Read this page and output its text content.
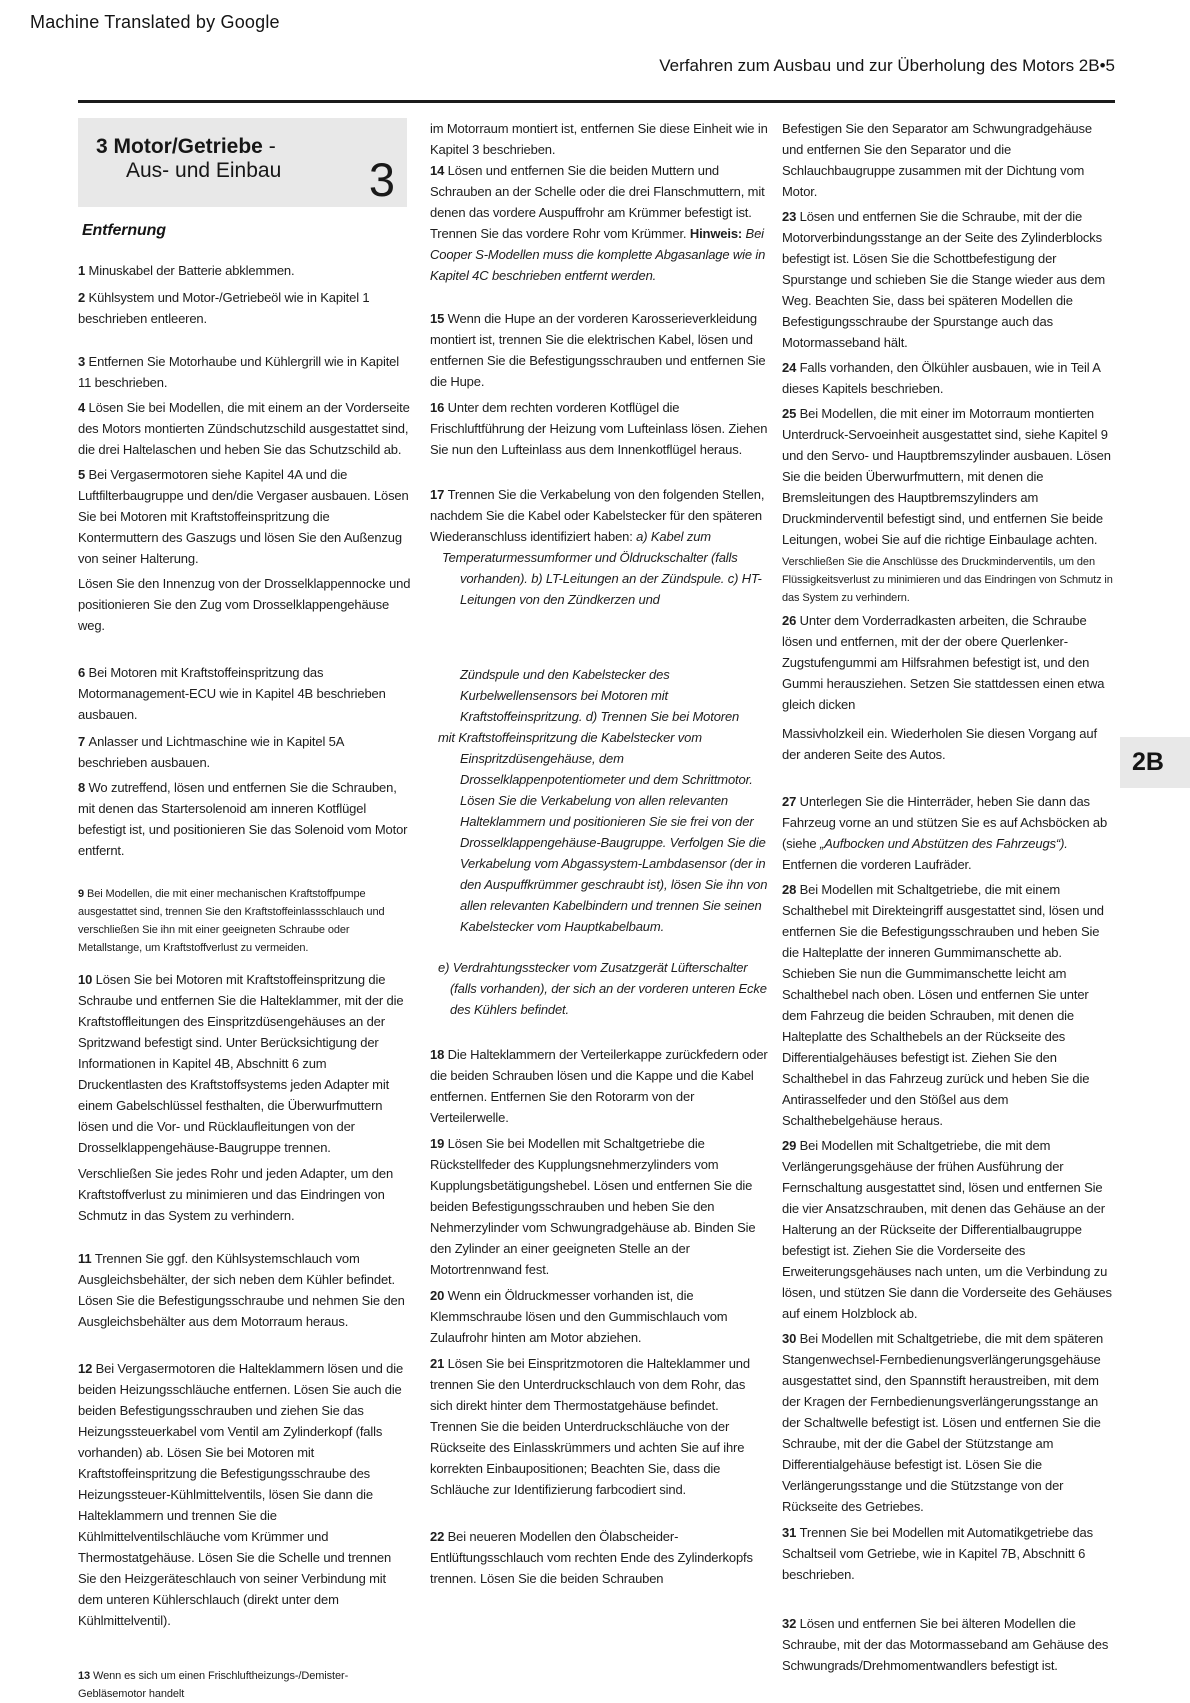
Machine Translated by Google
Verfahren zum Ausbau und zur Überholung des Motors 2B•5
3 Motor/Getriebe -
Aus- und Einbau 3
2B
Entfernung
1 Minuskabel der Batterie abklemmen.
2 Kühlsystem und Motor-/Getriebeöl wie in Kapitel 1 beschrieben entleeren.
3 Entfernen Sie Motorhaube und Kühlergrill wie in Kapitel 11 beschrieben.
4 Lösen Sie bei Modellen, die mit einem an der Vorderseite des Motors montierten Zündschutzschild ausgestattet sind, die drei Haltelaschen und heben Sie das Schutzschild ab.
5 Bei Vergasermotoren siehe Kapitel 4A und die Luftfilterbaugruppe und den/die Vergaser ausbauen. Lösen Sie bei Motoren mit Kraftstoffeinspritzung die Kontermuttern des Gaszugs und lösen Sie den Außenzug von seiner Halterung.
Lösen Sie den Innenzug von der Drosselklappennocke und positionieren Sie den Zug vom Drosselklappengehäuse weg.
6 Bei Motoren mit Kraftstoffeinspritzung das Motormanagement-ECU wie in Kapitel 4B beschrieben ausbauen.
7 Anlasser und Lichtmaschine wie in Kapitel 5A beschrieben ausbauen.
8 Wo zutreffend, lösen und entfernen Sie die Schrauben, mit denen das Startersolenoid am inneren Kotflügel befestigt ist, und positionieren Sie das Solenoid vom Motor entfernt.
9 Bei Modellen, die mit einer mechanischen Kraftstoffpumpe ausgestattet sind, trennen Sie den Kraftstoffeinlassschlauch und verschließen Sie ihn mit einer geeigneten Schraube oder Metallstange, um Kraftstoffverlust zu vermeiden.
10 Lösen Sie bei Motoren mit Kraftstoffeinspritzung die Schraube und entfernen Sie die Halteklammer, mit der die Kraftstoffleitungen des Einspritzdüsengehäuses an der Spritzwand befestigt sind. Unter Berücksichtigung der Informationen in Kapitel 4B, Abschnitt 6 zum Druckentlasten des Kraftstoffsystems jeden Adapter mit einem Gabelschlüssel festhalten, die Überwurfmuttern lösen und die Vor- und Rücklaufleitungen von der Drosselklappengehäuse-Baugruppe trennen.
Verschließen Sie jedes Rohr und jeden Adapter, um den Kraftstoffverlust zu minimieren und das Eindringen von Schmutz in das System zu verhindern.
11 Trennen Sie ggf. den Kühlsystemschlauch vom Ausgleichsbehälter, der sich neben dem Kühler befindet. Lösen Sie die Befestigungsschraube und nehmen Sie den Ausgleichsbehälter aus dem Motorraum heraus.
12 Bei Vergasermotoren die Halteklammern lösen und die beiden Heizungsschläuche entfernen. Lösen Sie auch die beiden Befestigungsschrauben und ziehen Sie das Heizungssteuerkabel vom Ventil am Zylinderkopf (falls vorhanden) ab. Lösen Sie bei Motoren mit Kraftstoffeinspritzung die Befestigungsschraube des Heizungssteuer-Kühlmittelventils, lösen Sie dann die Halteklammern und trennen Sie die Kühlmittelventilschläuche vom Krümmer und Thermostatgehäuse. Lösen Sie die Schelle und trennen Sie den Heizgeräteschlauch von seiner Verbindung mit dem unteren Kühlerschlauch (direkt unter dem Kühlmittelventil).
13 Wenn es sich um einen Frischluftheizungs-/Demister-Gebläsemotor handelt
im Motorraum montiert ist, entfernen Sie diese Einheit wie in Kapitel 3 beschrieben.
14 Lösen und entfernen Sie die beiden Muttern und Schrauben an der Schelle oder die drei Flanschmuttern, mit denen das vordere Auspuffrohr am Krümmer befestigt ist. Trennen Sie das vordere Rohr vom Krümmer. Hinweis: Bei Cooper S-Modellen muss die komplette Abgasanlage wie in Kapitel 4C beschrieben entfernt werden.
15 Wenn die Hupe an der vorderen Karosserieverkleidung montiert ist, trennen Sie die elektrischen Kabel, lösen und entfernen Sie die Befestigungsschrauben und entfernen Sie die Hupe.
16 Unter dem rechten vorderen Kotflügel die Frischluftführung der Heizung vom Lufteinlass lösen. Ziehen Sie nun den Lufteinlass aus dem Innenkotflügel heraus.
17 Trennen Sie die Verkabelung von den folgenden Stellen, nachdem Sie die Kabel oder Kabelstecker für den späteren Wiederanschluss identifiziert haben: a) Kabel zum
Temperaturmessumformer und Öldruckschalter (falls
vorhanden). b) LT-Leitungen an der Zündspule. c) HT-
Leitungen von den Zündkerzen und
Zündspule und den Kabelstecker des Kurbelwellensensors bei Motoren mit Kraftstoffeinspritzung. d) Trennen Sie bei Motoren
mit Kraftstoffeinspritzung die Kabelstecker vom Einspritzdüsengehäuse, dem Drosselklappenpotentiometer und dem Schrittmotor. Lösen Sie die Verkabelung von allen relevanten Halteklammern und positionieren Sie sie frei von der Drosselklappengehäuse-Baugruppe. Verfolgen Sie die Verkabelung vom Abgassystem-Lambdasensor (der in den Auspuffkrümmer geschraubt ist), lösen Sie ihn von allen relevanten Kabelbindern und trennen Sie seinen Kabelstecker vom Hauptkabelbaum.
e) Verdrahtungsstecker vom Zusatzgerät Lüfterschalter (falls vorhanden), der sich an der vorderen unteren Ecke des Kühlers befindet.
18 Die Halteklammern der Verteilerkappe zurückfedern oder die beiden Schrauben lösen und die Kappe und die Kabel entfernen. Entfernen Sie den Rotorarm von der Verteilerwelle.
19 Lösen Sie bei Modellen mit Schaltgetriebe die Rückstellfeder des Kupplungsnehmerzylinders vom Kupplungsbetätigungshebel. Lösen und entfernen Sie die beiden Befestigungsschrauben und heben Sie den Nehmerzylinder vom Schwungradgehäuse ab. Binden Sie den Zylinder an einer geeigneten Stelle an der Motortrennwand fest.
20 Wenn ein Öldruckmesser vorhanden ist, die Klemmschraube lösen und den Gummischlauch vom Zulaufrohr hinten am Motor abziehen.
21 Lösen Sie bei Einspritzmotoren die Halteklammer und trennen Sie den Unterdruckschlauch von dem Rohr, das sich direkt hinter dem Thermostatgehäuse befindet. Trennen Sie die beiden Unterdruckschläuche von der Rückseite des Einlasskrümmers und achten Sie auf ihre korrekten Einbaupositionen; Beachten Sie, dass die Schläuche zur Identifizierung farbcodiert sind.
22 Bei neueren Modellen den Ölabscheider-Entlüftungsschlauch vom rechten Ende des Zylinderkopfs trennen. Lösen Sie die beiden Schrauben
Befestigen Sie den Separator am Schwungradgehäuse und entfernen Sie den Separator und die Schlauchbaugruppe zusammen mit der Dichtung vom Motor.
23 Lösen und entfernen Sie die Schraube, mit der die Motorverbindungsstange an der Seite des Zylinderblocks befestigt ist. Lösen Sie die Schottbefestigung der Spurstange und schieben Sie die Stange wieder aus dem Weg. Beachten Sie, dass bei späteren Modellen die Befestigungsschraube der Spurstange auch das Motormasseband hält.
24 Falls vorhanden, den Ölkühler ausbauen, wie in Teil A dieses Kapitels beschrieben.
25 Bei Modellen, die mit einer im Motorraum montierten Unterdruck-Servoeinheit ausgestattet sind, siehe Kapitel 9 und den Servo- und Hauptbremszylinder ausbauen. Lösen Sie die beiden Überwurfmuttern, mit denen die Bremsleitungen des Hauptbremszylinders am Druckminderventil befestigt sind, und entfernen Sie beide Leitungen, wobei Sie auf die richtige Einbaulage achten.
Verschließen Sie die Anschlüsse des Druckminderventils, um den Flüssigkeitsverlust zu minimieren und das Eindringen von Schmutz in das System zu verhindern.
26 Unter dem Vorderradkasten arbeiten, die Schraube lösen und entfernen, mit der der obere Querlenker-Zugstufengummi am Hilfsrahmen befestigt ist, und den Gummi herausziehen. Setzen Sie stattdessen einen etwa gleich dicken
Massivholzkeil ein. Wiederholen Sie diesen Vorgang auf der anderen Seite des Autos.
27 Unterlegen Sie die Hinterräder, heben Sie dann das Fahrzeug vorne an und stützen Sie es auf Achsböcken ab (siehe „Aufbocken und Abstützen des Fahrzeugs“). Entfernen die vorderen Laufräder.
28 Bei Modellen mit Schaltgetriebe, die mit einem Schalthebel mit Direkteingriff ausgestattet sind, lösen und entfernen Sie die Befestigungsschrauben und heben Sie die Halteplatte der inneren Gummimanschette ab. Schieben Sie nun die Gummimanschette leicht am Schalthebel nach oben. Lösen und entfernen Sie unter dem Fahrzeug die beiden Schrauben, mit denen die Halteplatte des Schalthebels an der Rückseite des Differentialgehäuses befestigt ist. Ziehen Sie den Schalthebel in das Fahrzeug zurück und heben Sie die Antirasselfeder und den Stößel aus dem Schalthebelgehäuse heraus.
29 Bei Modellen mit Schaltgetriebe, die mit dem Verlängerungsgehäuse der frühen Ausführung der Fernschaltung ausgestattet sind, lösen und entfernen Sie die vier Ansatzschrauben, mit denen das Gehäuse an der Halterung an der Rückseite der Differentialbaugruppe befestigt ist. Ziehen Sie die Vorderseite des Erweiterungsgehäuses nach unten, um die Verbindung zu lösen, und stützen Sie dann die Vorderseite des Gehäuses auf einem Holzblock ab.
30 Bei Modellen mit Schaltgetriebe, die mit dem späteren Stangenwechsel-Fernbedienungsverlängerungsgehäuse ausgestattet sind, den Spannstift heraustreiben, mit dem der Kragen der Fernbedienungsverlängerungsstange an der Schaltwelle befestigt ist. Lösen und entfernen Sie die Schraube, mit der die Gabel der Stützstange am Differentialgehäuse befestigt ist. Lösen Sie die Verlängerungsstange und die Stützstange von der Rückseite des Getriebes.
31 Trennen Sie bei Modellen mit Automatikgetriebe das Schaltseil vom Getriebe, wie in Kapitel 7B, Abschnitt 6 beschrieben.
32 Lösen und entfernen Sie bei älteren Modellen die Schraube, mit der das Motormasseband am Gehäuse des Schwungrads/Drehmomentwandlers befestigt ist.
